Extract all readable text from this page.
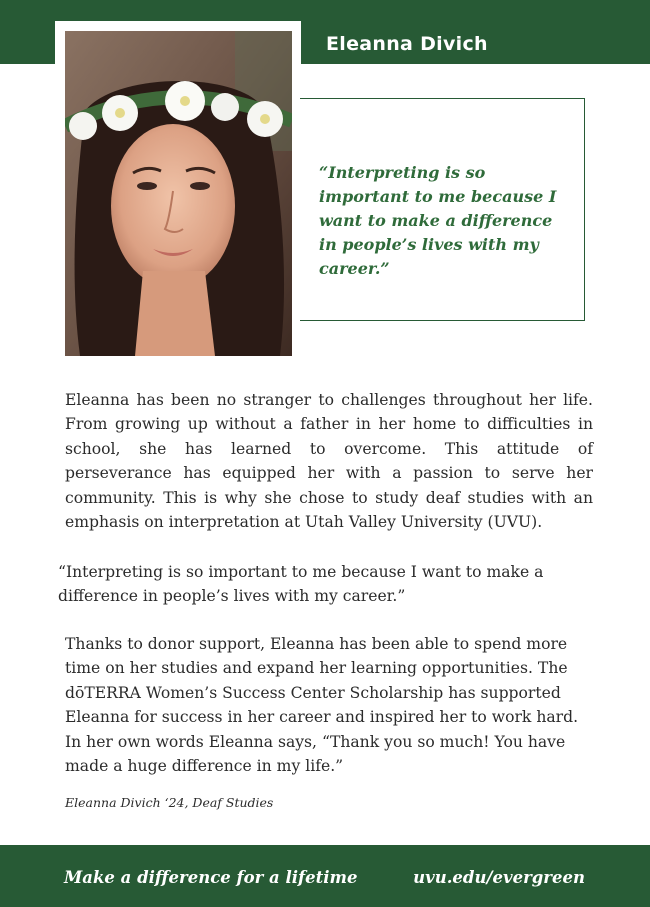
Eleanna Divich
“Interpreting is so important to me because I want to make a difference in people’s lives with my career.”
Eleanna has been no stranger to challenges throughout her life. From growing up without a father in her home to difficulties in school, she has learned to overcome. This attitude of perseverance has equipped her with a passion to serve her community. This is why she chose to study deaf studies with an emphasis on interpretation at Utah Valley University (UVU).
“Interpreting is so important to me because I want to make a difference in people’s lives with my career.”
Thanks to donor support, Eleanna has been able to spend more time on her studies and expand her learning opportunities. The dōTERRA Women’s Success Center Scholarship has supported Eleanna for success in her career and inspired her to work hard. In her own words Eleanna says, “Thank you so much! You have made a huge difference in my life.”
Eleanna Divich ‘24, Deaf Studies
Make a difference for a lifetime	uvu.edu/evergreen
